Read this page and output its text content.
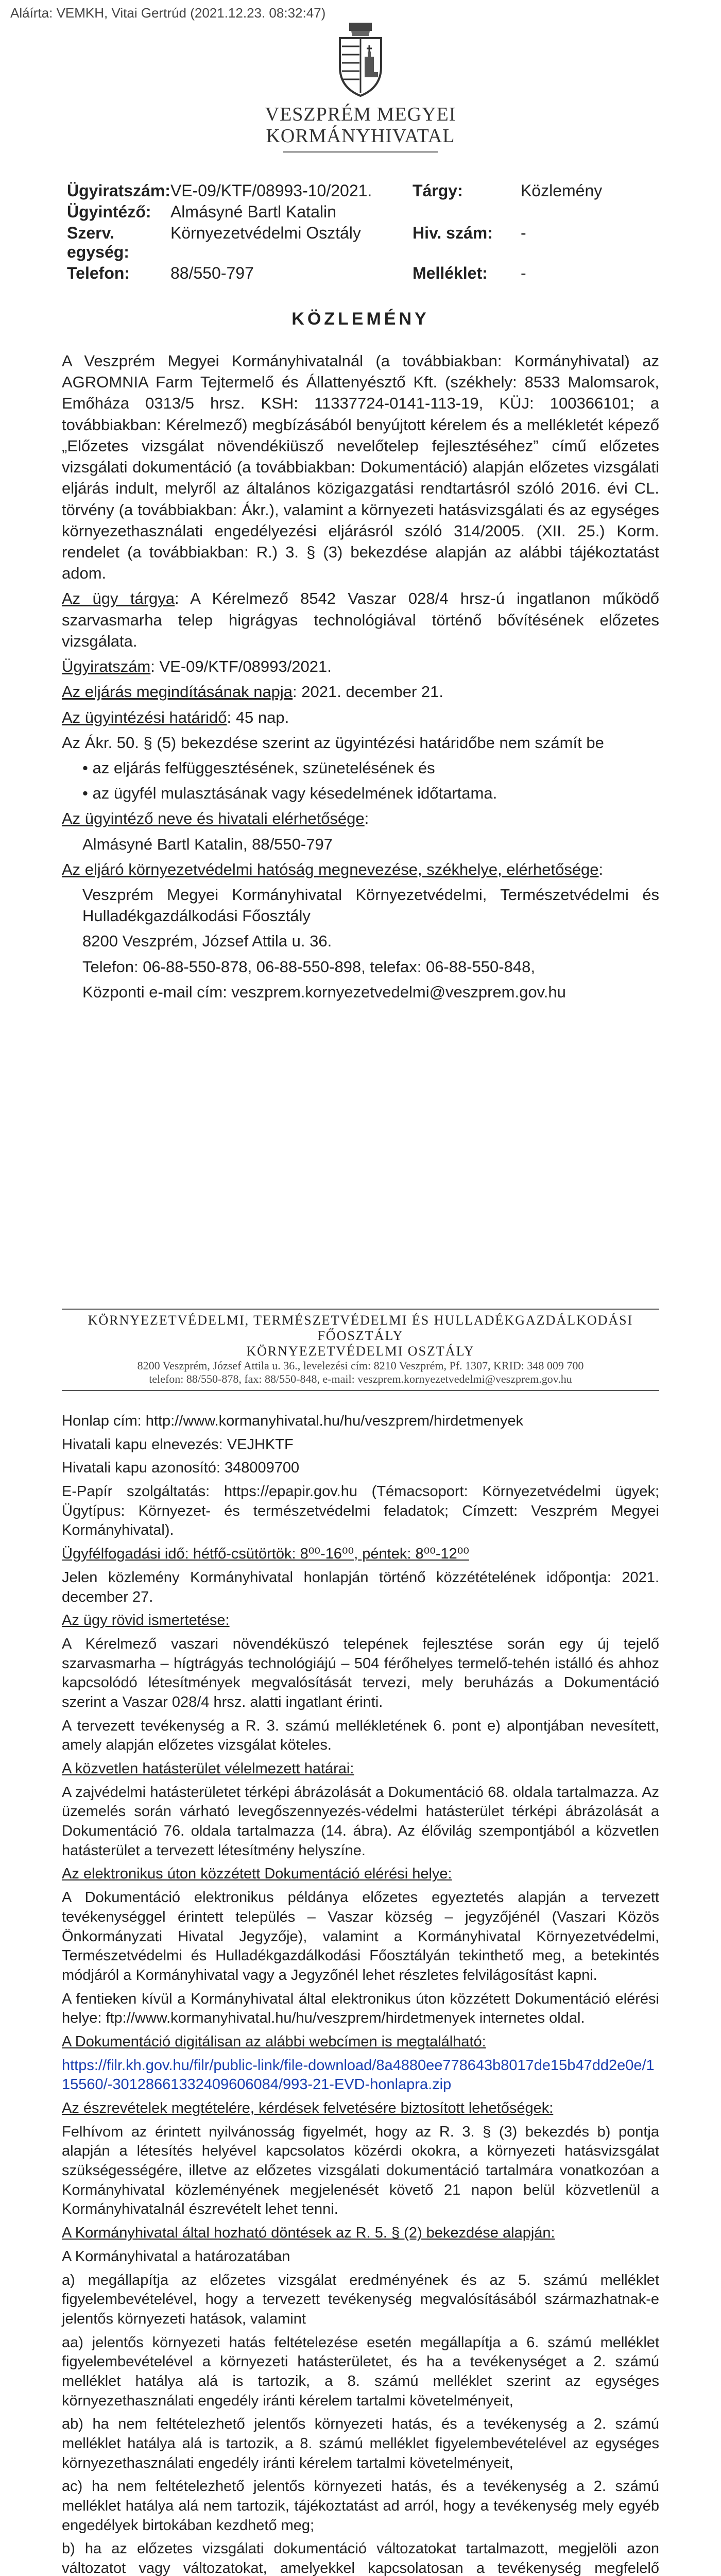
Aláírta: VEMKH, Vitai Gertrúd (2021.12.23. 08:32:47)
VESZPRÉM MEGYEI
KORMÁNYHIVATAL
Ügyiratszám:	VE-09/KTF/08993-10/2021.	Tárgy:	Közlemény
Ügyintéző:	Almásyné Bartl Katalin		
Szerv. egység:	Környezetvédelmi Osztály	Hiv. szám:	-
Telefon:	88/550-797	Melléklet:	-
KÖZLEMÉNY

A Veszprém Megyei Kormányhivatalnál (a továbbiakban: Kormányhivatal) az AGROMNIA Farm Tejtermelő és Állattenyésztő Kft. (székhely: 8533 Malomsarok, Emőháza 0313/5 hrsz. KSH: 11337724-0141-113-19, KÜJ: 100366101; a továbbiakban: Kérelmező) megbízásából benyújtott kérelem és a mellékletét képező „Előzetes vizsgálat növendékiüsző nevelőtelep fejlesztéséhez” című előzetes vizsgálati dokumentáció (a továbbiakban: Dokumentáció) alapján előzetes vizsgálati eljárás indult, melyről az általános közigazgatási rendtartásról szóló 2016. évi CL. törvény (a továbbiakban: Ákr.), valamint a környezeti hatásvizsgálati és az egységes környezethasználati engedélyezési eljárásról szóló 314/2005. (XII. 25.) Korm. rendelet (a továbbiakban: R.) 3. § (3) bekezdése alapján az alábbi tájékoztatást adom.

Az ügy tárgya: A Kérelmező 8542 Vaszar 028/4 hrsz-ú ingatlanon működő szarvasmarha telep higrágyas technológiával történő bővítésének előzetes vizsgálata.

Ügyiratszám: VE-09/KTF/08993/2021.

Az eljárás megindításának napja: 2021. december 21.

Az ügyintézési határidő: 45 nap.

Az Ákr. 50. § (5) bekezdése szerint az ügyintézési határidőbe nem számít be

• az eljárás felfüggesztésének, szünetelésének és

• az ügyfél mulasztásának vagy késedelmének időtartama.

Az ügyintéző neve és hivatali elérhetősége:

Almásyné Bartl Katalin, 88/550-797

Az eljáró környezetvédelmi hatóság megnevezése, székhelye, elérhetősége:

Veszprém Megyei Kormányhivatal Környezetvédelmi, Természetvédelmi és Hulladékgazdálkodási Főosztály

8200 Veszprém, József Attila u. 36.

Telefon: 06-88-550-878, 06-88-550-898, telefax: 06-88-550-848,

Központi e-mail cím: veszprem.kornyezetvedelmi@veszprem.gov.hu

KÖRNYEZETVÉDELMI, TERMÉSZETVÉDELMI ÉS HULLADÉKGAZDÁLKODÁSI FŐOSZTÁLY
KÖRNYEZETVÉDELMI OSZTÁLY
8200 Veszprém, József Attila u. 36., levelezési cím: 8210 Veszprém, Pf. 1307, KRID: 348 009 700
telefon: 88/550-878, fax: 88/550-848, e-mail: veszprem.kornyezetvedelmi@veszprem.gov.hu

Honlap cím: http://www.kormanyhivatal.hu/hu/veszprem/hirdetmenyek

Hivatali kapu elnevezés: VEJHKTF

Hivatali kapu azonosító: 348009700

E-Papír szolgáltatás: https://epapir.gov.hu (Témacsoport: Környezetvédelmi ügyek; Ügytípus: Környezet- és természetvédelmi feladatok; Címzett: Veszprém Megyei Kormányhivatal).

Ügyfélfogadási idő: hétfő-csütörtök: 8⁰⁰-16⁰⁰, péntek: 8⁰⁰-12⁰⁰

Jelen közlemény Kormányhivatal honlapján történő közzétételének időpontja: 2021. december 27.

Az ügy rövid ismertetése:

A Kérelmező vaszari növendéküszó telepének fejlesztése során egy új tejelő szarvasmarha – hígtrágyás technológiájú – 504 férőhelyes termelő-tehén istálló és ahhoz kapcsolódó létesítmények megvalósítását tervezi, mely beruházás a Dokumentáció szerint a Vaszar 028/4 hrsz. alatti ingatlant érinti.

A tervezett tevékenység a R. 3. számú mellékletének 6. pont e) alpontjában nevesített, amely alapján előzetes vizsgálat köteles.

A közvetlen hatásterület vélelmezett határai:

A zajvédelmi hatásterületet térképi ábrázolását a Dokumentáció 68. oldala tartalmazza. Az üzemelés során várható levegőszennyezés-védelmi hatásterület térképi ábrázolását a Dokumentáció 76. oldala tartalmazza (14. ábra). Az élővilág szempontjából a közvetlen hatásterület a tervezett létesítmény helyszíne.

Az elektronikus úton közzétett Dokumentáció elérési helye:

A Dokumentáció elektronikus példánya előzetes egyeztetés alapján a tervezett tevékenységgel érintett település – Vaszar község – jegyzőjénél (Vaszari Közös Önkormányzati Hivatal Jegyzője), valamint a Kormányhivatal Környezetvédelmi, Természetvédelmi és Hulladékgazdálkodási Főosztályán tekinthető meg, a betekintés módjáról a Kormányhivatal vagy a Jegyzőnél lehet részletes felvilágosítást kapni.

A fentieken kívül a Kormányhivatal által elektronikus úton közzétett Dokumentáció elérési helye: ftp://www.kormanyhivatal.hu/hu/veszprem/hirdetmenyek internetes oldal.

A Dokumentáció digitálisan az alábbi webcímen is megtalálható:

https://filr.kh.gov.hu/filr/public-link/file-download/8a4880ee778643b8017de15b47dd2e0e/115560/-30128661332409606084/993-21-EVD-honlapra.zip

Az észrevételek megtételére, kérdések felvetésére biztosított lehetőségek:

Felhívom az érintett nyilvánosság figyelmét, hogy az R. 3. § (3) bekezdés b) pontja alapján a létesítés helyével kapcsolatos közérdi okokra, a környezeti hatásvizsgálat szükségességére, illetve az előzetes vizsgálati dokumentáció tartalmára vonatkozóan a Kormányhivatal közleményének megjelenését követő 21 napon belül közvetlenül a Kormányhivatalnál észrevételt lehet tenni.

A Kormányhivatal által hozható döntések az R. 5. § (2) bekezdése alapján:

A Kormányhivatal a határozatában

a) megállapítja az előzetes vizsgálat eredményének és az 5. számú melléklet figyelembevételével, hogy a tervezett tevékenység megvalósításából származhatnak-e jelentős környezeti hatások, valamint

aa) jelentős környezeti hatás feltételezése esetén megállapítja a 6. számú melléklet figyelembevételével a környezeti hatásterületet, és ha a tevékenységet a 2. számú melléklet hatálya alá is tartozik, a 8. számú melléklet szerint az egységes környezethasználati engedély iránti kérelem tartalmi követelményeit,

ab) ha nem feltételezhető jelentős környezeti hatás, és a tevékenység a 2. számú melléklet hatálya alá is tartozik, a 8. számú melléklet figyelembevételével az egységes környezethasználati engedély iránti kérelem tartalmi követelményeit,

ac) ha nem feltételezhető jelentős környezeti hatás, és a tevékenység a 2. számú melléklet hatálya alá nem tartozik, tájékoztatást ad arról, hogy a tevékenység mely egyéb engedélyek birtokában kezdhető meg;

b) ha az előzetes vizsgálati dokumentáció változatokat tartalmazott, megjelöli azon változatot vagy változatokat, amelyekkel kapcsolatosan a tevékenység megfelelő
